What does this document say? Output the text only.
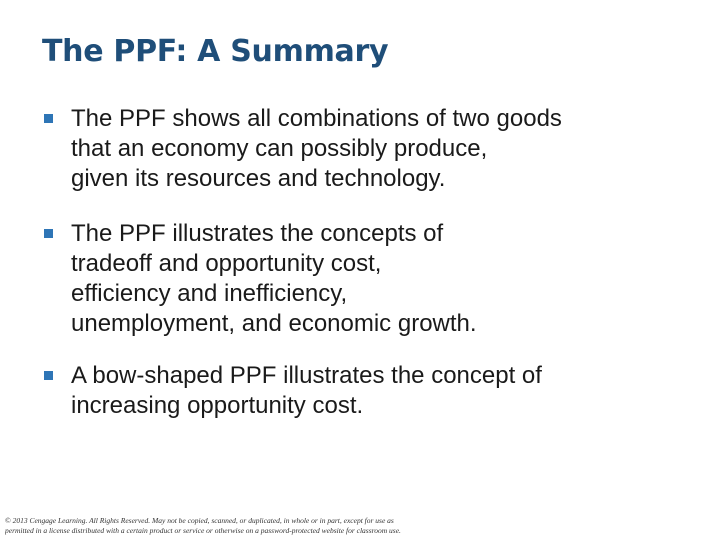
The PPF: A Summary
The PPF shows all combinations of two goods
that an economy can possibly produce,
given its resources and technology.
The PPF illustrates the concepts of
tradeoff and opportunity cost,
efficiency and inefficiency,
unemployment, and economic growth.
A bow-shaped PPF illustrates the concept of
increasing opportunity cost.
© 2013 Cengage Learning. All Rights Reserved. May not be copied, scanned, or duplicated, in whole or in part, except for use as
permitted in a license distributed with a certain product or service or otherwise on a password-protected website for classroom use.
